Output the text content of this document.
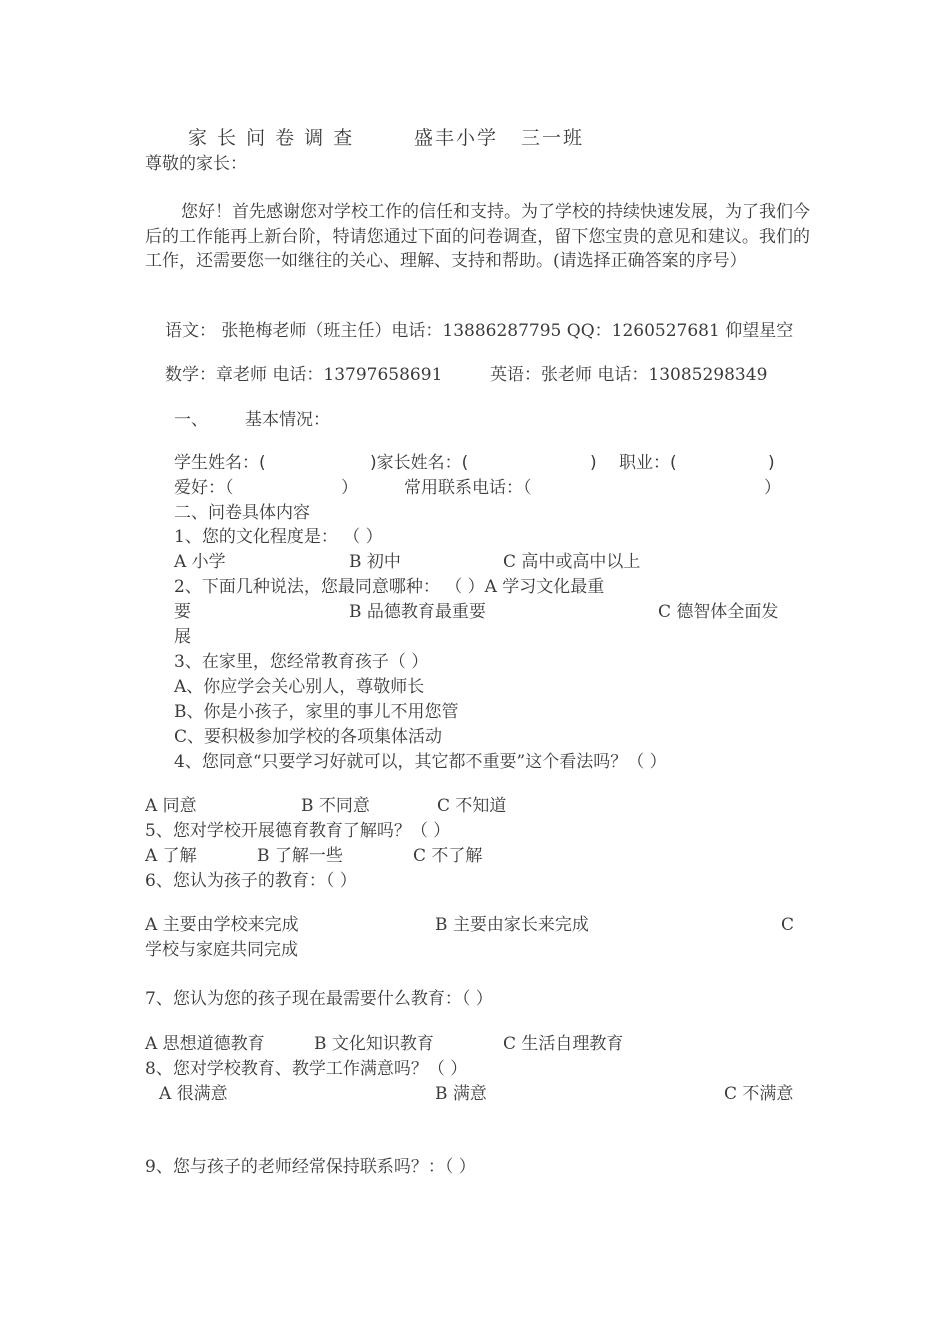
家 长 问 卷 调 查	盛丰小学 三一班
尊敬的家长：
您好！首先感谢您对学校工作的信任和支持。为了学校的持续快速发展，为了我们今后的工作能再上新台阶，特请您通过下面的问卷调查，留下您宝贵的意见和建议。我们的工作，还需要您一如继往的关心、理解、支持和帮助。(请选择正确答案的序号）
语文： 张艳梅老师（班主任）电话：13886287795 QQ：1260527681 仰望星空
数学：章老师 电话：13797658691	英语：张老师 电话：13085298349
一、 基本情况：
学生姓名：(	)家长姓名：(	) 职业：(	)
爱好：（	）	常用联系电话：（	）
二、问卷具体内容
1、您的文化程度是： （ ）
A 小学	B 初中	C 高中或高中以上
2、下面几种说法，您最同意哪种： （ ）A 学习文化最重
要	B 品德教育最重要	C 德智体全面发
展
3、在家里，您经常教育孩子（ ）
A、你应学会关心别人，尊敬师长
B、你是小孩子，家里的事儿不用您管
C、要积极参加学校的各项集体活动
4、您同意“只要学习好就可以，其它都不重要”这个看法吗？（ ）
A 同意	B 不同意	C 不知道
5、您对学校开展德育教育了解吗？（ ）
A 了解	B 了解一些	C 不了解
6、您认为孩子的教育：（ ）
A 主要由学校来完成	B 主要由家长来完成	C
学校与家庭共同完成
7、您认为您的孩子现在最需要什么教育：（ ）
A 思想道德教育	B 文化知识教育	C 生活自理教育
8、您对学校教育、教学工作满意吗？（ ）
A 很满意	B 满意	C 不满意
9、您与孩子的老师经常保持联系吗？：（ ）
